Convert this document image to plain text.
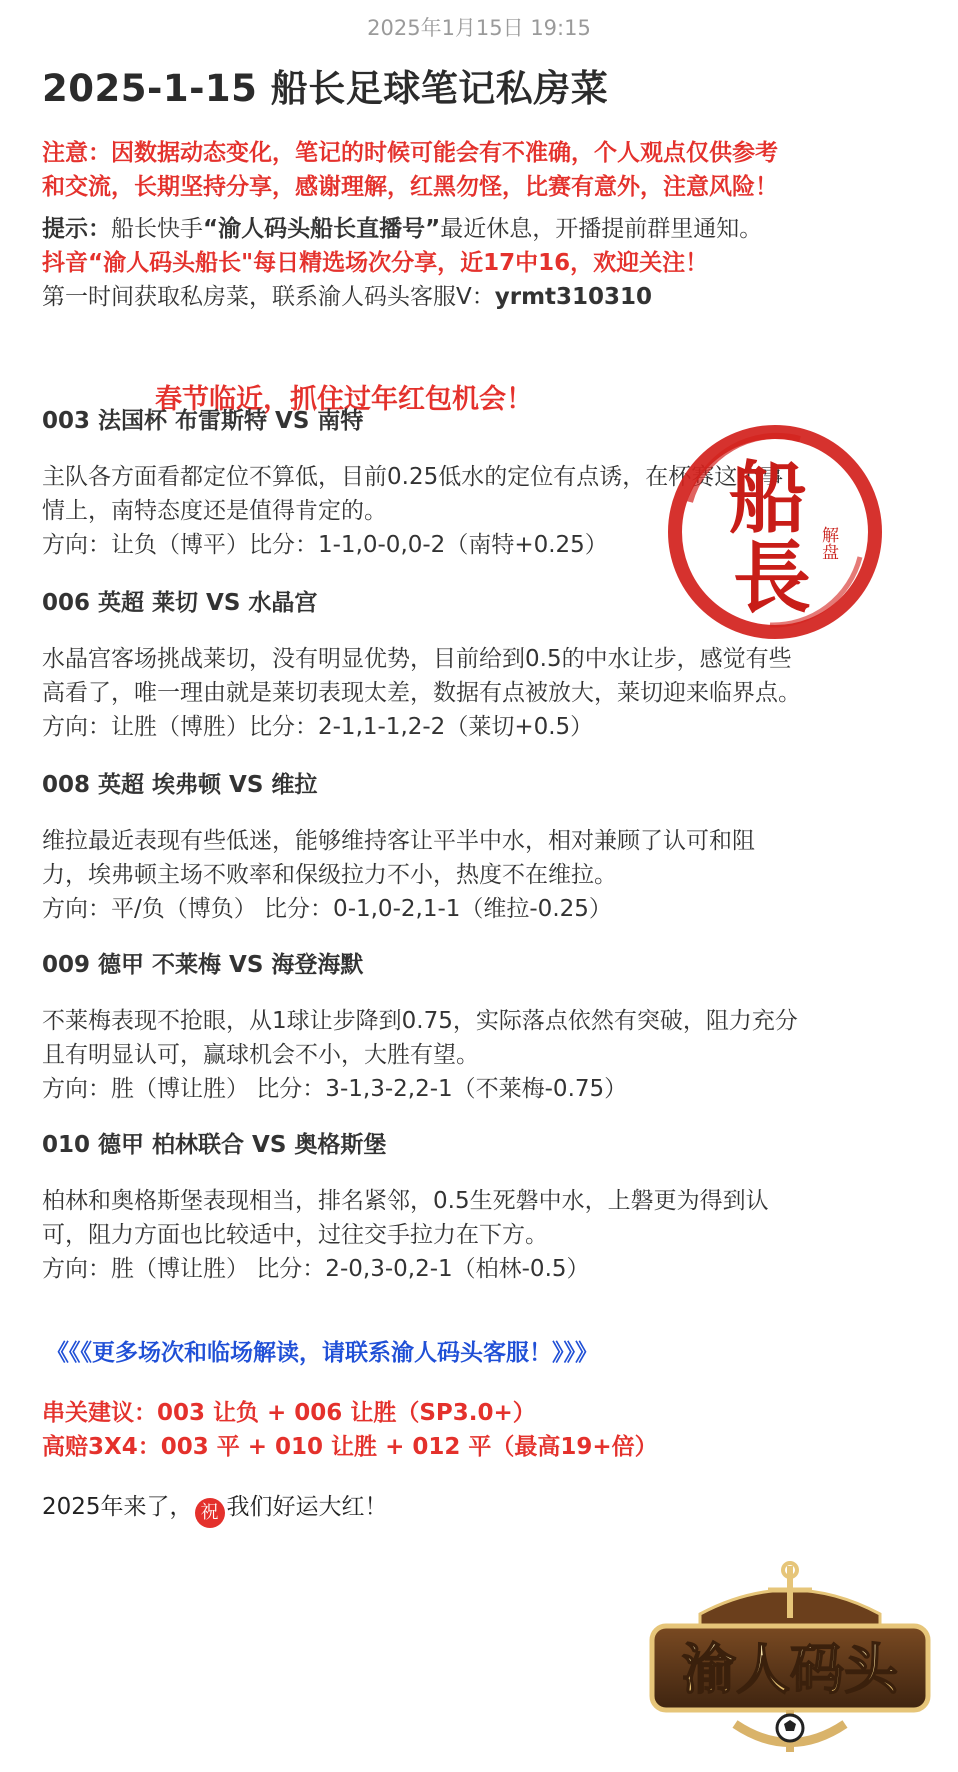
2025年1月15日 19:15
2025-1-15 船长足球笔记私房菜
注意：因数据动态变化，笔记的时候可能会有不准确，个人观点仅供参考
和交流，长期坚持分享，感谢理解，红黑勿怪，比赛有意外，注意风险！
提示：船长快手“渝人码头船长直播号”最近休息，开播提前群里通知。
抖音“渝人码头船长"每日精选场次分享，近17中16，欢迎关注！
第一时间获取私房菜，联系渝人码头客服V：yrmt310310
春节临近，抓住过年红包机会！
003 法国杯 布雷斯特 VS 南特
主队各方面看都定位不算低，目前0.25低水的定位有点诱，在杯赛这个事
情上，南特态度还是值得肯定的。
方向：让负（博平）比分：1-1,0-0,0-2（南特+0.25）
006 英超 莱切 VS 水晶宫
水晶宫客场挑战莱切，没有明显优势，目前给到0.5的中水让步，感觉有些
高看了，唯一理由就是莱切表现太差，数据有点被放大，莱切迎来临界点。
方向：让胜（博胜）比分：2-1,1-1,2-2（莱切+0.5）
008 英超 埃弗顿 VS 维拉
维拉最近表现有些低迷，能够维持客让平半中水，相对兼顾了认可和阻
力，埃弗顿主场不败率和保级拉力不小，热度不在维拉。
方向：平/负（博负） 比分：0-1,0-2,1-1（维拉-0.25）
009 德甲 不莱梅 VS 海登海默
不莱梅表现不抢眼，从1球让步降到0.75，实际落点依然有突破，阻力充分
且有明显认可，赢球机会不小，大胜有望。
方向：胜（博让胜） 比分：3-1,3-2,2-1（不莱梅-0.75）
010 德甲 柏林联合 VS 奥格斯堡
柏林和奥格斯堡表现相当，排名紧邻，0.5生死磐中水，上磐更为得到认
可，阻力方面也比较适中，过往交手拉力在下方。
方向：胜（博让胜） 比分：2-0,3-0,2-1（柏林-0.5）
《《《更多场次和临场解读，请联系渝人码头客服！》》》
串关建议：003 让负 + 006 让胜（SP3.0+）
高赔3X4：003 平 + 010 让胜 + 012 平（最高19+倍）
2025年来了， 祝 我们好运大红！
船
長 解盘
渝人码头
